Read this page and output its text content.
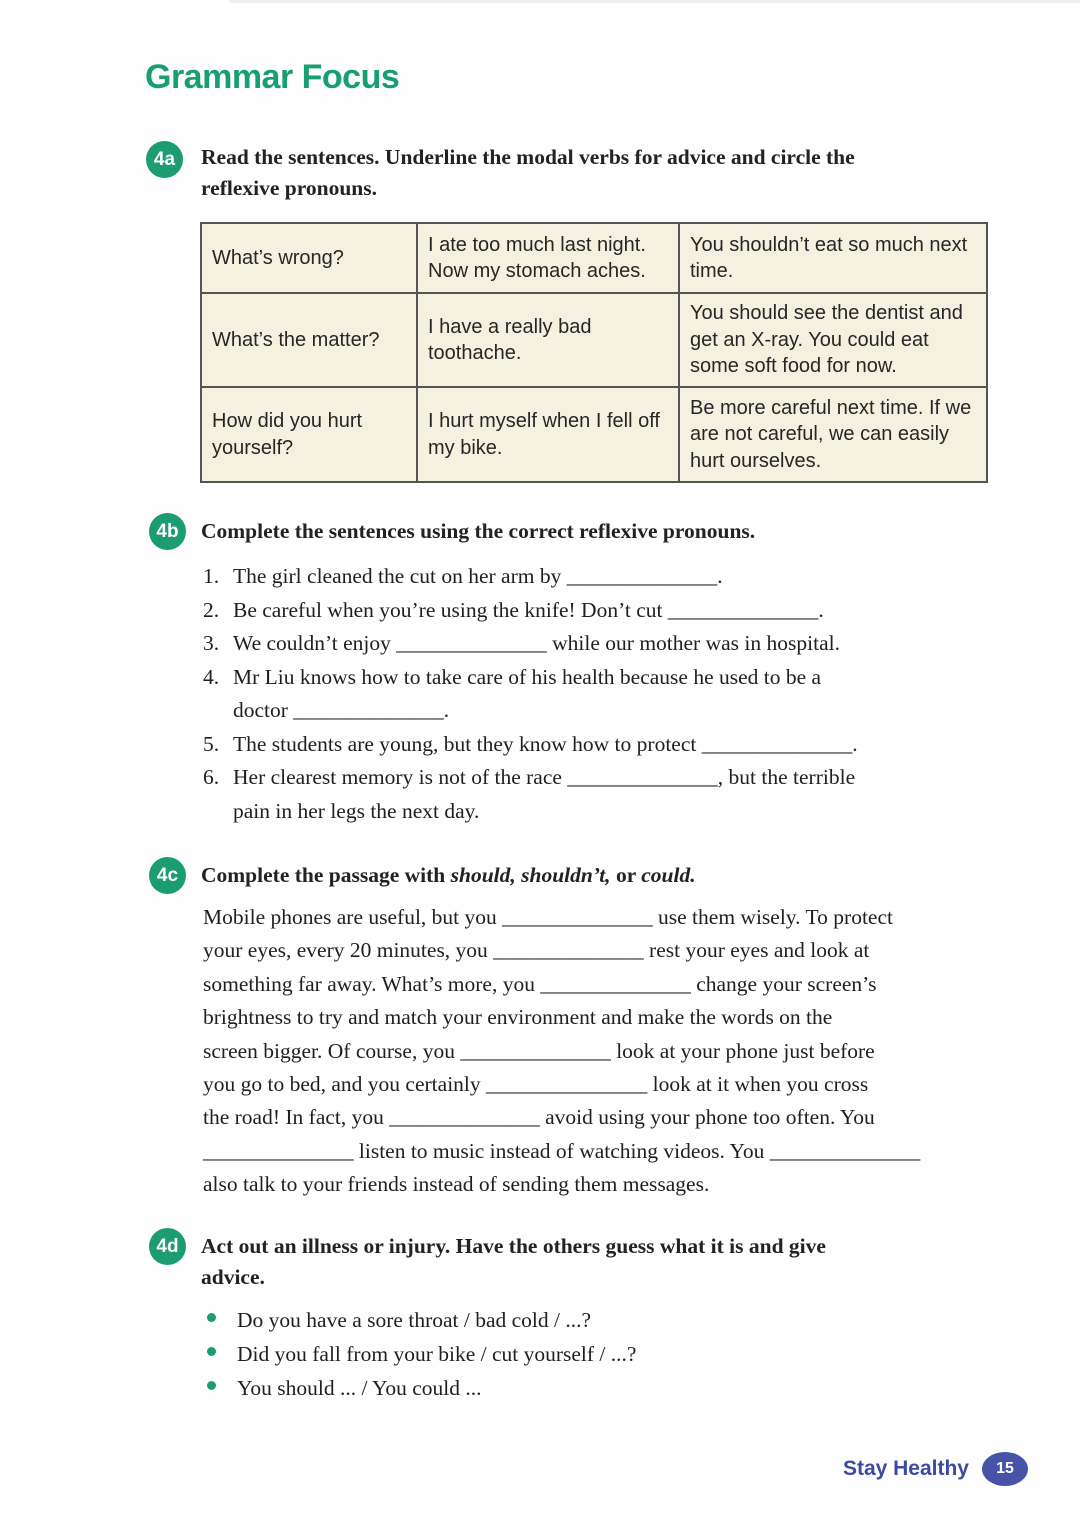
Grammar Focus
4a	Read the sentences. Underline the modal verbs for advice and circle the
reflexive pronouns.
What’s wrong?	I ate too much last night. Now my stomach aches.	You shouldn’t eat so much next time.
What’s the matter?	I have a really bad toothache.	You should see the dentist and get an X-ray. You could eat some soft food for now.
How did you hurt yourself?	I hurt myself when I fell off my bike.	Be more careful next time. If we are not careful, we can easily hurt ourselves.
4b	Complete the sentences using the correct reflexive pronouns.
1. The girl cleaned the cut on her arm by ______________.
2. Be careful when you’re using the knife! Don’t cut ______________.
3. We couldn’t enjoy ______________ while our mother was in hospital.
4. Mr Liu knows how to take care of his health because he used to be a
doctor ______________.
5. The students are young, but they know how to protect ______________.
6. Her clearest memory is not of the race ______________, but the terrible
pain in her legs the next day.
4c	Complete the passage with should, shouldn’t, or could.
Mobile phones are useful, but you ______________ use them wisely. To protect
your eyes, every 20 minutes, you ______________ rest your eyes and look at
something far away. What’s more, you ______________ change your screen’s
brightness to try and match your environment and make the words on the
screen bigger. Of course, you ______________ look at your phone just before
you go to bed, and you certainly _______________ look at it when you cross
the road! In fact, you ______________ avoid using your phone too often. You
______________ listen to music instead of watching videos. You ______________
also talk to your friends instead of sending them messages.
4d	Act out an illness or injury. Have the others guess what it is and give
advice.
Do you have a sore throat / bad cold / ...?
Did you fall from your bike / cut yourself / ...?
You should ... / You could ...
Stay Healthy	15
